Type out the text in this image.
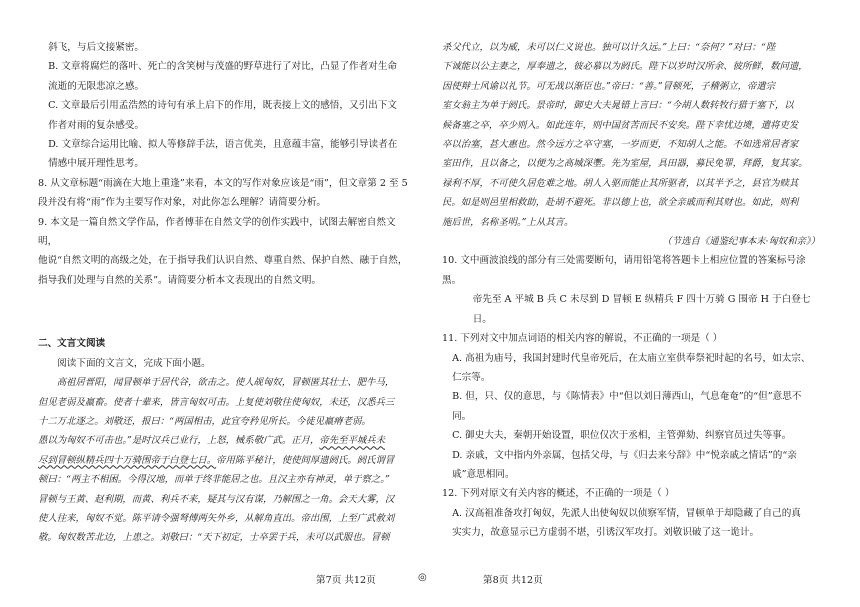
斜飞，与后文接紧密。

B. 文章将腐烂的落叶、死亡的含笑树与茂盛的野草进行了对比，凸显了作者对生命

流逝的无限悲凉之感。

C. 文章最后引用孟浩然的诗句有承上启下的作用，既表接上文的感悟，又引出下文

作者对雨的复杂感受。

D. 文章综合运用比喻、拟人等修辞手法，语言优美，且意蕴丰富，能够引导读者在

情感中展开理性思考。

8. 从文章标题“雨滴在大地上重逢”来看，本文的写作对象应该是“雨”，但文章第 2 至 5

段并没有将“雨”作为主要写作对象，对此你怎么理解？请简要分析。

9. 本文是一篇自然文学作品，作者傅菲在自然文学的创作实践中，试图去解密自然文明，

他说“自然文明的高级之处，在于指导我们认识自然、尊重自然、保护自然、融于自然，

指导我们处理与自然的关系”。请简要分析本文表现出的自然文明。

二、文言文阅读

阅读下面的文言文，完成下面小题。

高祖居晋阳，闻冒顿单于居代谷，欲击之。使人觇匈奴，冒顿匿其壮士、肥牛马，

但见老弱及羸畜。使者十辈来，皆言匈奴可击。上复使刘敬往使匈奴，未还，汉悉兵三

十二万北逐之。刘敬还，报曰：“两国相击，此宜夸矜见所长。今徒见羸瘠老弱。

愚以为匈奴不可击也。”是时汉兵已业行，上怒，械系敬广武。正月，帝先至平城兵未

尽到冒顿纵精兵四十万骑围帝于白登七日。帝用陈平秘计，使使间厚遗阏氏。阏氏谓冒

顿曰：“两主不相困。今得汉地，而单于终非能居之也。且汉主亦有神灵，单于察之。”

冒顿与王黄、赵利期，而黄、利兵不来，疑其与汉有谋，乃解围之一角。会天大雾，汉

使人往来，匈奴不觉。陈平请令强弩傅两矢外乡，从解角直出。帝出围，上至广武赦刘

敬。匈奴数苦北边，上患之。刘敬曰：“天下初定，士卒罢于兵，未可以武服也。冒顿

杀父代立，以为威，未可以仁义说也。独可以计久远。”上曰：“奈何？”对曰：“陛

下诚能以公主妻之，厚奉遗之，彼必慕以为阏氏。陛下以岁时汉所余、彼所鲜，数问遗，

因使辩士风谕以礼节。可无战以渐臣也。”帝曰：“善。”冒顿死，子稽粥立，帝遣宗

室女翁主为单于阏氏。景帝时，御史大夫晁错上言曰：“今胡人数转牧行猎于塞下，以

候备塞之卒，卒少则入。如此连年，则中国贫苦而民不安矣。陛下幸忧边境，遣将吏发

卒以治塞，甚大惠也。然今远方之卒守塞，一岁而更，不知胡人之能。不如选常居者家

室田作，且以备之，以便为之高城深壍。先为室屋，具田器，募民免罪，拜爵，复其家。

禄利不厚，不可使久居危难之地。胡人入驱而能止其所驱者，以其半予之，县官为赎其

民。如是则邑里相救助，赴胡不避死。非以德上也，欲全亲戚而利其财也。如此，则利

施后世，名称圣明。”上从其言。

（节选自《通鉴纪事本末·匈奴和亲》）

10. 文中画波浪线的部分有三处需要断句，请用铅笔将答题卡上相应位置的答案标号涂

黑。

帝先至 A 平城 B 兵 C 未尽到 D 冒顿 E 纵精兵 F 四十万骑 G 围帝 H 于白登七日。

11. 下列对文中加点词语的相关内容的解说，不正确的一项是（ ）

A. 高祖为庙号，我国封建时代皇帝死后，在太庙立室供奉祭祀时起的名号，如太宗、

仁宗等。

B. 但，只、仅的意思，与《陈情表》中“但以刘日薄西山，气息奄奄”的“但”意思不

同。

C. 御史大夫，秦朝开始设置，职位仅次于丞相，主管弹劾、纠察官员过失等事。

D. 亲戚，文中指内外亲属，包括父母，与《归去来兮辞》中“悦亲戚之情话”的“亲

戚”意思相同。

12. 下列对原文有关内容的概述，不正确的一项是（ ）

A. 汉高祖准备攻打匈奴，先派人出使匈奴以侦察军情，冒顿单于却隐藏了自己的真

实实力，故意显示已方虚弱不堪，引诱汉军攻打。刘敬识破了这一诡计。

第7页 共12页	◎	第8页 共12页
